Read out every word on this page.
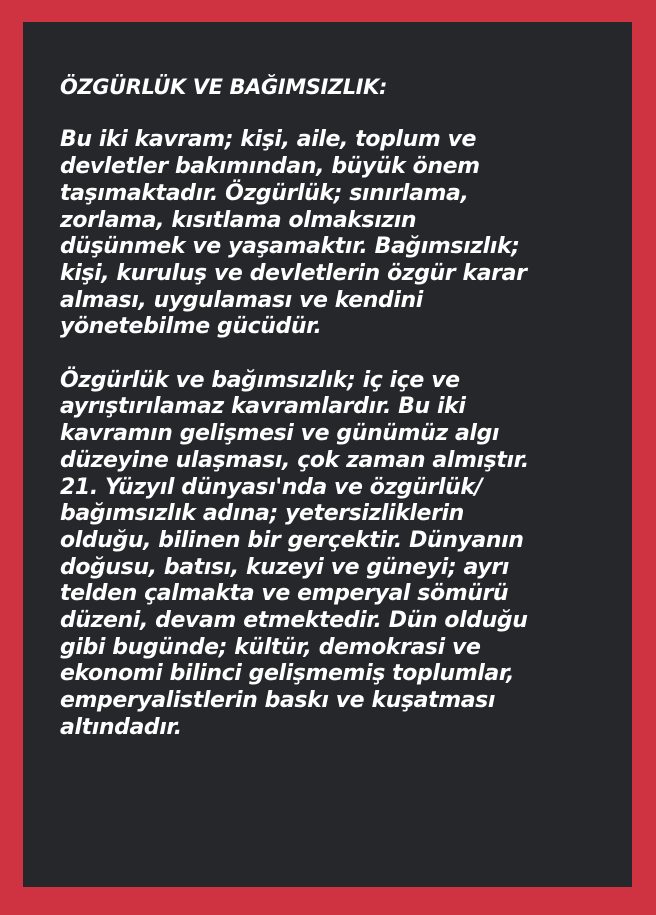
ÖZGÜRLÜK VE BAĞIMSIZLIK:
Bu iki kavram; kişi, aile, toplum ve
devletler bakımından, büyük önem
taşımaktadır. Özgürlük; sınırlama,
zorlama, kısıtlama olmaksızın
düşünmek ve yaşamaktır. Bağımsızlık;
kişi, kuruluş ve devletlerin özgür karar
alması, uygulaması ve kendini
yönetebilme gücüdür.
Özgürlük ve bağımsızlık; iç içe ve
ayrıştırılamaz kavramlardır. Bu iki
kavramın gelişmesi ve günümüz algı
düzeyine ulaşması, çok zaman almıştır.
21. Yüzyıl dünyası'nda ve özgürlük/
bağımsızlık adına; yetersizliklerin
olduğu, bilinen bir gerçektir. Dünyanın
doğusu, batısı, kuzeyi ve güneyi; ayrı
telden çalmakta ve emperyal sömürü
düzeni, devam etmektedir. Dün olduğu
gibi bugünde; kültür, demokrasi ve
ekonomi bilinci gelişmemiş toplumlar,
emperyalistlerin baskı ve kuşatması
altındadır.
